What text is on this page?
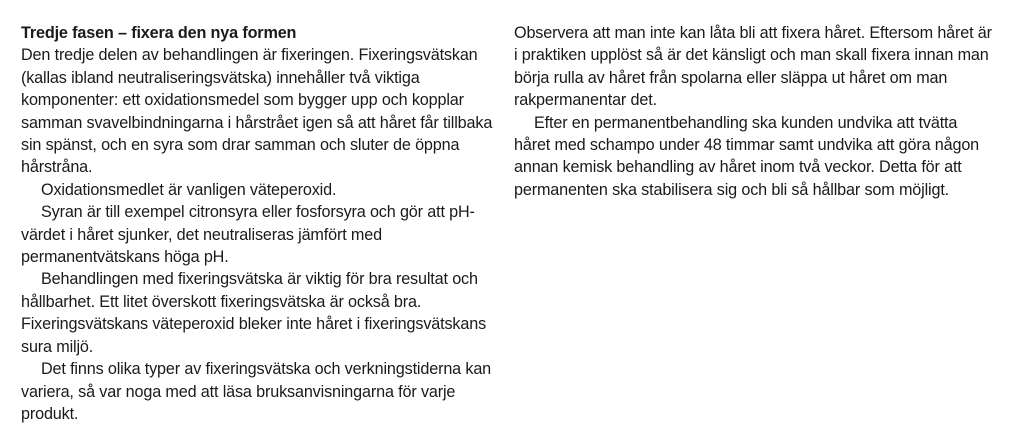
Tredje fasen – fixera den nya formen

Den tredje delen av behandlingen är fixeringen. Fixeringsvätskan (kallas ibland neutraliseringsvätska) innehåller två viktiga komponenter: ett oxidationsmedel som bygger upp och kopplar samman svavelbindningarna i hårstrået igen så att håret får tillbaka sin spänst, och en syra som drar samman och sluter de öppna hårstråna.

Oxidationsmedlet är vanligen väteperoxid.

Syran är till exempel citronsyra eller fosforsyra och gör att pH-värdet i håret sjunker, det neutraliseras jämfört med permanentvätskans höga pH.

Behandlingen med fixeringsvätska är viktig för bra resultat och hållbarhet. Ett litet överskott fixeringsvätska är också bra. Fixeringsvätskans väteperoxid bleker inte håret i fixeringsvätskans sura miljö.

Det finns olika typer av fixeringsvätska och verkningstiderna kan variera, så var noga med att läsa bruksanvisningarna för varje produkt.

Observera att man inte kan låta bli att fixera håret. Eftersom håret är i praktiken upplöst så är det känsligt och man skall fixera innan man börja rulla av håret från spolarna eller släppa ut håret om man rakpermanentar det.

Efter en permanentbehandling ska kunden undvika att tvätta håret med schampo under 48 timmar samt undvika att göra någon annan kemisk behandling av håret inom två veckor. Detta för att permanenten ska stabilisera sig och bli så hållbar som möjligt.
